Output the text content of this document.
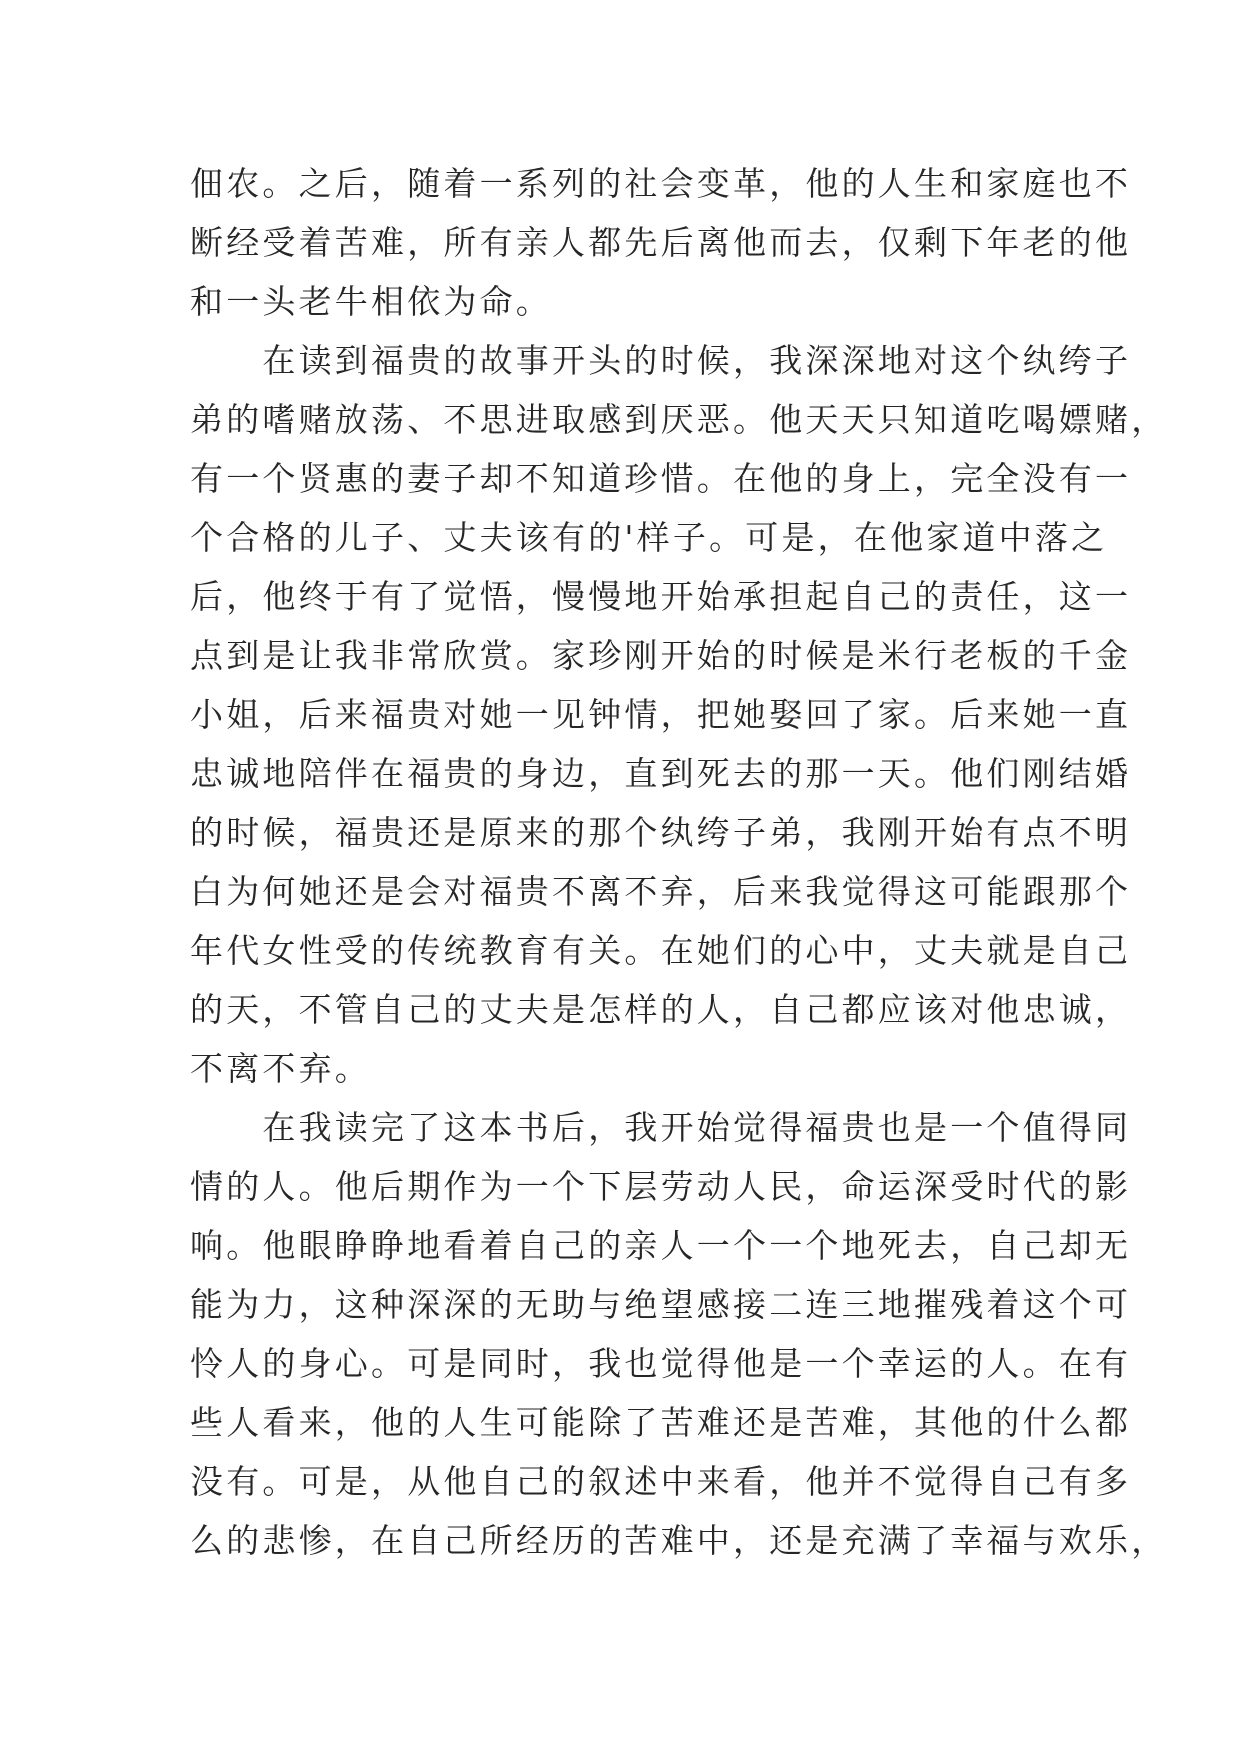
佃农。之后，随着一系列的社会变革，他的人生和家庭也不
断经受着苦难，所有亲人都先后离他而去，仅剩下年老的他
和一头老牛相依为命。
　　在读到福贵的故事开头的时候，我深深地对这个纨绔子
弟的嗜赌放荡、不思进取感到厌恶。他天天只知道吃喝嫖赌，
有一个贤惠的妻子却不知道珍惜。在他的身上，完全没有一
个合格的儿子、丈夫该有的'样子。可是，在他家道中落之
后，他终于有了觉悟，慢慢地开始承担起自己的责任，这一
点到是让我非常欣赏。家珍刚开始的时候是米行老板的千金
小姐，后来福贵对她一见钟情，把她娶回了家。后来她一直
忠诚地陪伴在福贵的身边，直到死去的那一天。他们刚结婚
的时候，福贵还是原来的那个纨绔子弟，我刚开始有点不明
白为何她还是会对福贵不离不弃，后来我觉得这可能跟那个
年代女性受的传统教育有关。在她们的心中，丈夫就是自己
的天，不管自己的丈夫是怎样的人，自己都应该对他忠诚，
不离不弃。
　　在我读完了这本书后，我开始觉得福贵也是一个值得同
情的人。他后期作为一个下层劳动人民，命运深受时代的影
响。他眼睁睁地看着自己的亲人一个一个地死去，自己却无
能为力，这种深深的无助与绝望感接二连三地摧残着这个可
怜人的身心。可是同时，我也觉得他是一个幸运的人。在有
些人看来，他的人生可能除了苦难还是苦难，其他的什么都
没有。可是，从他自己的叙述中来看，他并不觉得自己有多
么的悲惨，在自己所经历的苦难中，还是充满了幸福与欢乐，
